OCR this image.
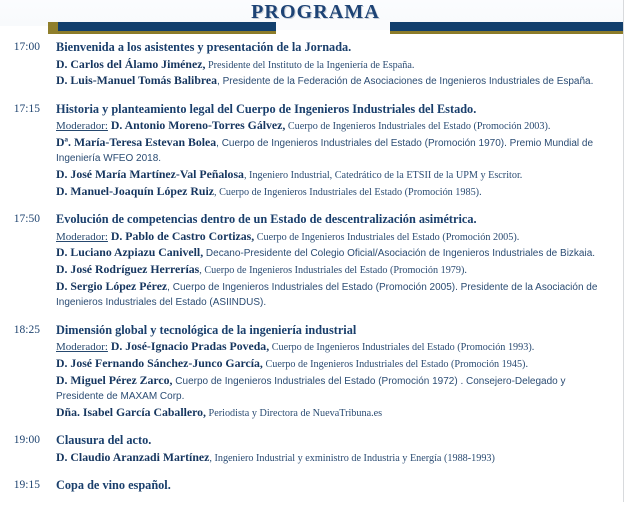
PROGRAMA
17:00	Bienvenida a los asistentes y presentación de la Jornada.
D. Carlos del Álamo Jiménez, Presidente del Instituto de la Ingeniería de España.
D. Luis-Manuel Tomás Balibrea, Presidente de la Federación de Asociaciones de Ingenieros Industriales de España.
17:15	Historia y planteamiento legal del Cuerpo de Ingenieros Industriales del Estado.
Moderador: D. Antonio Moreno-Torres Gálvez, Cuerpo de Ingenieros Industriales del Estado (Promoción 2003).
Dª. María-Teresa Estevan Bolea, Cuerpo de Ingenieros Industriales del Estado (Promoción 1970). Premio Mundial de Ingeniería WFEO 2018.
D. José María Martínez-Val Peñalosa, Ingeniero Industrial, Catedrático de la ETSII de la UPM y Escritor.
D. Manuel-Joaquín López Ruiz, Cuerpo de Ingenieros Industriales del Estado (Promoción 1985).
17:50	Evolución de competencias dentro de un Estado de descentralización asimétrica.
Moderador: D. Pablo de Castro Cortizas, Cuerpo de Ingenieros Industriales del Estado (Promoción 2005).
D. Luciano Azpiazu Canivell, Decano-Presidente del Colegio Oficial/Asociación de Ingenieros Industriales de Bizkaia.
D. José Rodríguez Herrerías, Cuerpo de Ingenieros Industriales del Estado (Promoción 1979).
D. Sergio López Pérez, Cuerpo de Ingenieros Industriales del Estado (Promoción 2005). Presidente de la Asociación de Ingenieros Industriales del Estado (ASIINDUS).
18:25	Dimensión global y tecnológica de la ingeniería industrial
Moderador: D. José-Ignacio Pradas Poveda, Cuerpo de Ingenieros Industriales del Estado (Promoción 1993).
D. José Fernando Sánchez-Junco García, Cuerpo de Ingenieros Industriales del Estado (Promoción 1945).
D. Miguel Pérez Zarco, Cuerpo de Ingenieros Industriales del Estado (Promoción 1972) . Consejero-Delegado y Presidente de MAXAM Corp.
Dña. Isabel García Caballero, Periodista y Directora de NuevaTribuna.es
19:00	Clausura del acto.
D. Claudio Aranzadi Martínez, Ingeniero Industrial y exministro de Industria y Energía (1988-1993)
19:15	Copa de vino español.
